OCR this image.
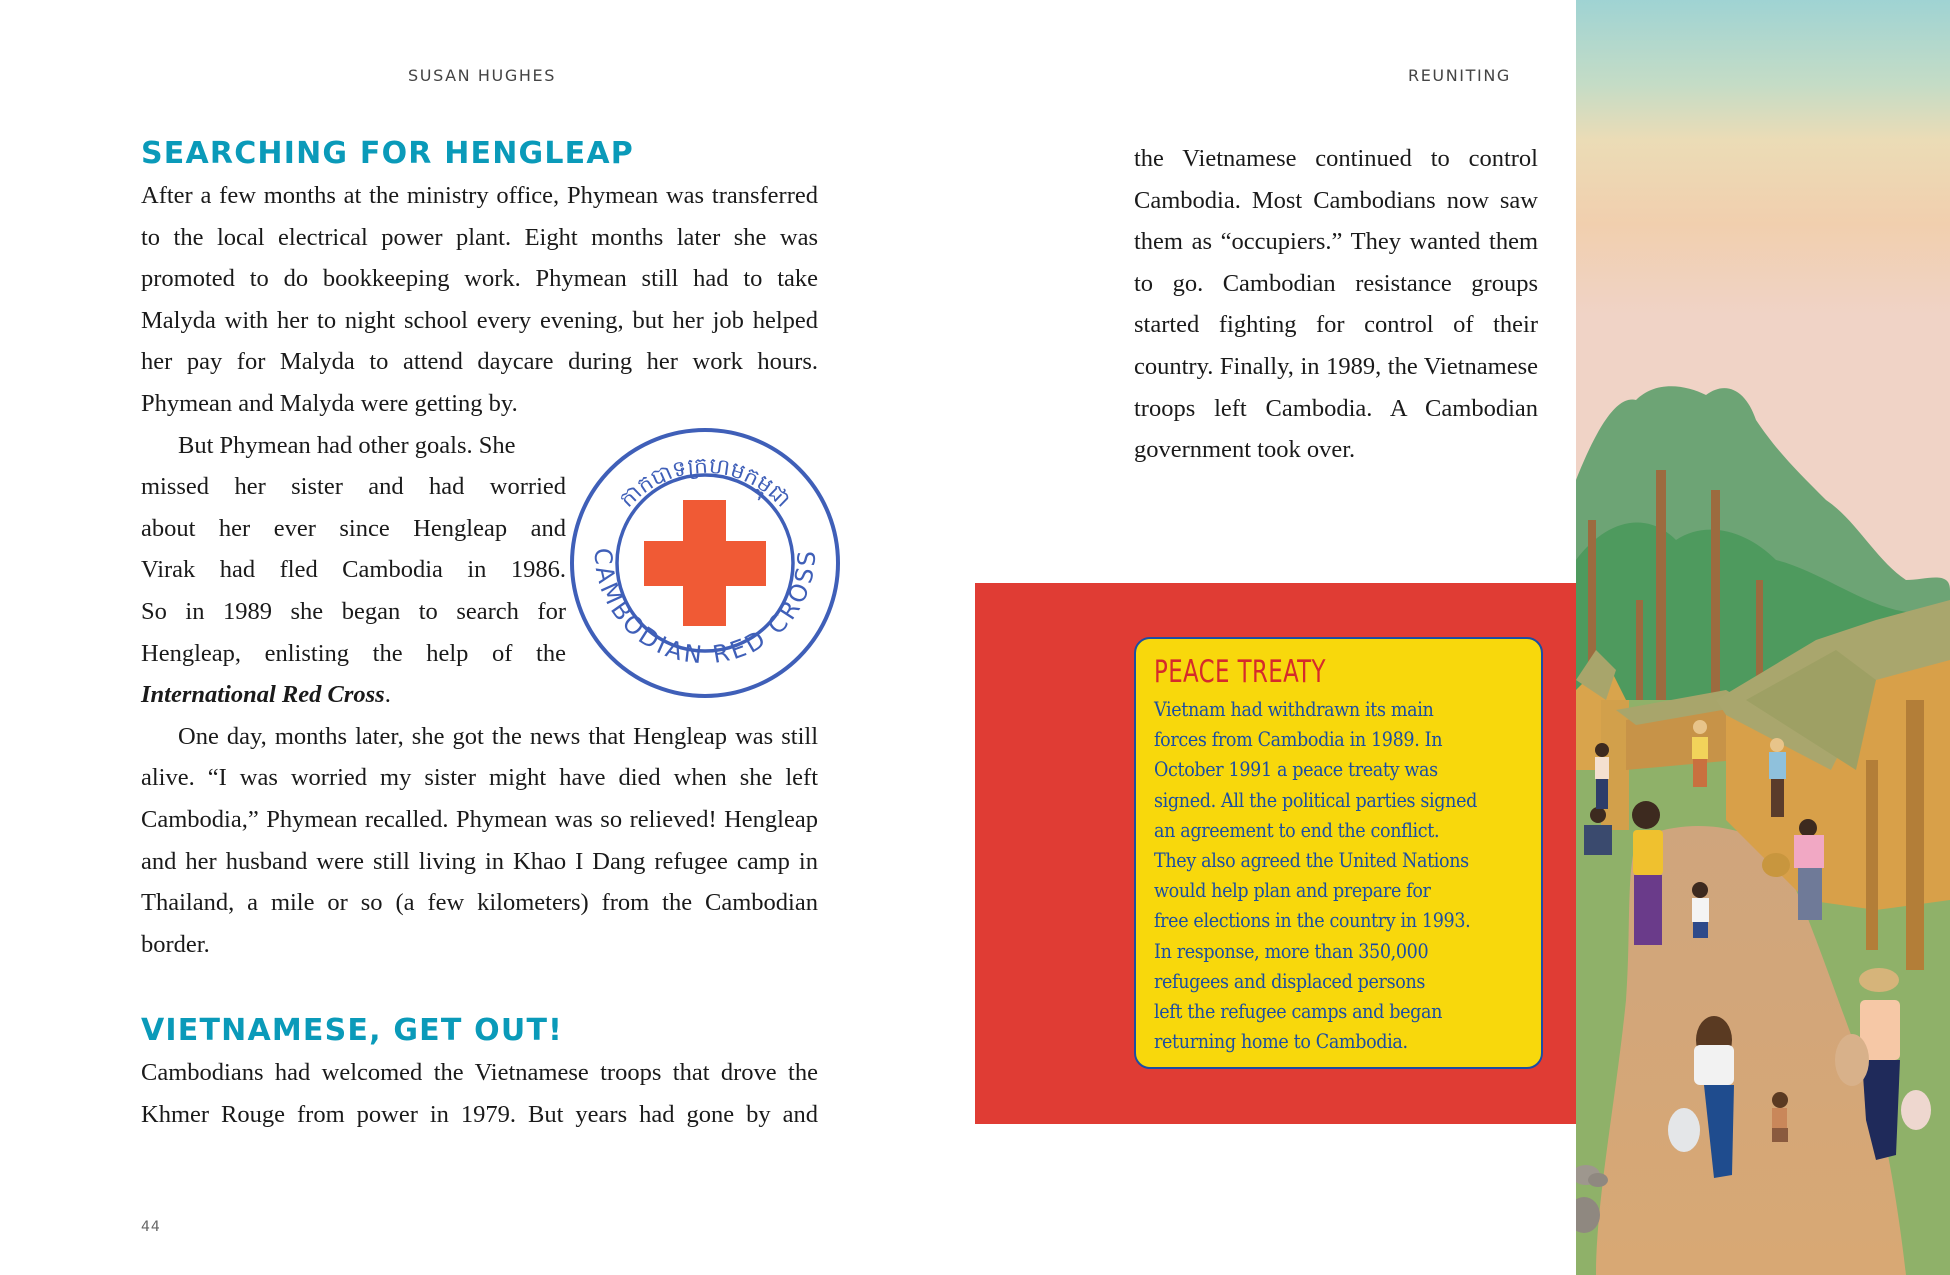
SUSAN HUGHES	REUNITING
SEARCHING FOR HENGLEAP

After a few months at the ministry office, Phymean was transferred to the local electrical power plant. Eight months later she was promoted to do bookkeeping work. Phymean still had to take Malyda with her to night school every evening, but her job helped her pay for Malyda to attend daycare during her work hours. Phymean and Malyda were getting by.

But Phymean had other goals. She
missed her sister and had worried
about her ever since Hengleap and
Virak had fled Cambodia in 1986.
So in 1989 she began to search for
Hengleap, enlisting the help of the
International Red Cross.

One day, months later, she got the news that Hengleap was still alive. “I was worried my sister might have died when she left Cambodia,” Phymean recalled. Phymean was so relieved! Hengleap and her husband were still living in Khao I Dang refugee camp in Thailand, a mile or so (a few kilometers) from the Cambodian border.

VIETNAMESE, GET OUT!

Cambodians had welcomed the Vietnamese troops that drove the Khmer Rouge from power in 1979. But years had gone by and

កាកបាទក្រហមកម្ពុជា
CAMBODIAN RED CROSS
44

the Vietnamese continued to control Cambodia. Most Cambodians now saw them as “occupiers.” They wanted them to go. Cambodian resistance groups started fighting for control of their country. Finally, in 1989, the Vietnamese troops left Cambodia. A Cambodian government took over.

PEACE TREATY
Vietnam had withdrawn its main
forces from Cambodia in 1989. In
October 1991 a peace treaty was
signed. All the political parties signed
an agreement to end the conflict.
They also agreed the United Nations
would help plan and prepare for
free elections in the country in 1993.
In response, more than 350,000
refugees and displaced persons
left the refugee camps and began
returning home to Cambodia.
